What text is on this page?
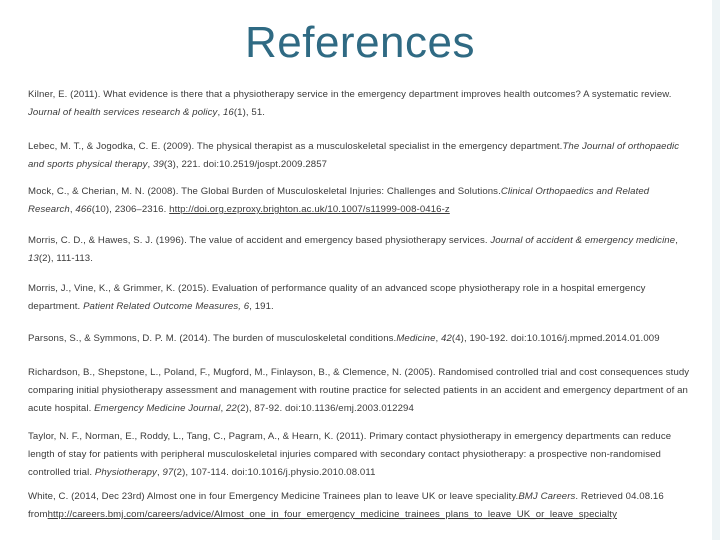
References
Kilner, E. (2011). What evidence is there that a physiotherapy service in the emergency department improves health outcomes? A systematic review. Journal of health services research & policy, 16(1), 51.
Lebec, M. T., & Jogodka, C. E. (2009). The physical therapist as a musculoskeletal specialist in the emergency department.The Journal of orthopaedic and sports physical therapy, 39(3), 221. doi:10.2519/jospt.2009.2857
Mock, C., & Cherian, M. N. (2008). The Global Burden of Musculoskeletal Injuries: Challenges and Solutions.Clinical Orthopaedics and Related Research, 466(10), 2306–2316. http://doi.org.ezproxy.brighton.ac.uk/10.1007/s11999-008-0416-z
Morris, C. D., & Hawes, S. J. (1996). The value of accident and emergency based physiotherapy services. Journal of accident & emergency medicine, 13(2), 111-113.
Morris, J., Vine, K., & Grimmer, K. (2015). Evaluation of performance quality of an advanced scope physiotherapy role in a hospital emergency department. Patient Related Outcome Measures, 6, 191.
Parsons, S., & Symmons, D. P. M. (2014). The burden of musculoskeletal conditions.Medicine, 42(4), 190-192. doi:10.1016/j.mpmed.2014.01.009
Richardson, B., Shepstone, L., Poland, F., Mugford, M., Finlayson, B., & Clemence, N. (2005). Randomised controlled trial and cost consequences study comparing initial physiotherapy assessment and management with routine practice for selected patients in an accident and emergency department of an acute hospital. Emergency Medicine Journal, 22(2), 87-92. doi:10.1136/emj.2003.012294
Taylor, N. F., Norman, E., Roddy, L., Tang, C., Pagram, A., & Hearn, K. (2011). Primary contact physiotherapy in emergency departments can reduce length of stay for patients with peripheral musculoskeletal injuries compared with secondary contact physiotherapy: a prospective non-randomised controlled trial. Physiotherapy, 97(2), 107-114. doi:10.1016/j.physio.2010.08.011
White, C. (2014, Dec 23rd) Almost one in four Emergency Medicine Trainees plan to leave UK or leave speciality.BMJ Careers. Retrieved 04.08.16 fromhttp://careers.bmj.com/careers/advice/Almost_one_in_four_emergency_medicine_trainees_plans_to_leave_UK_or_leave_specialty
